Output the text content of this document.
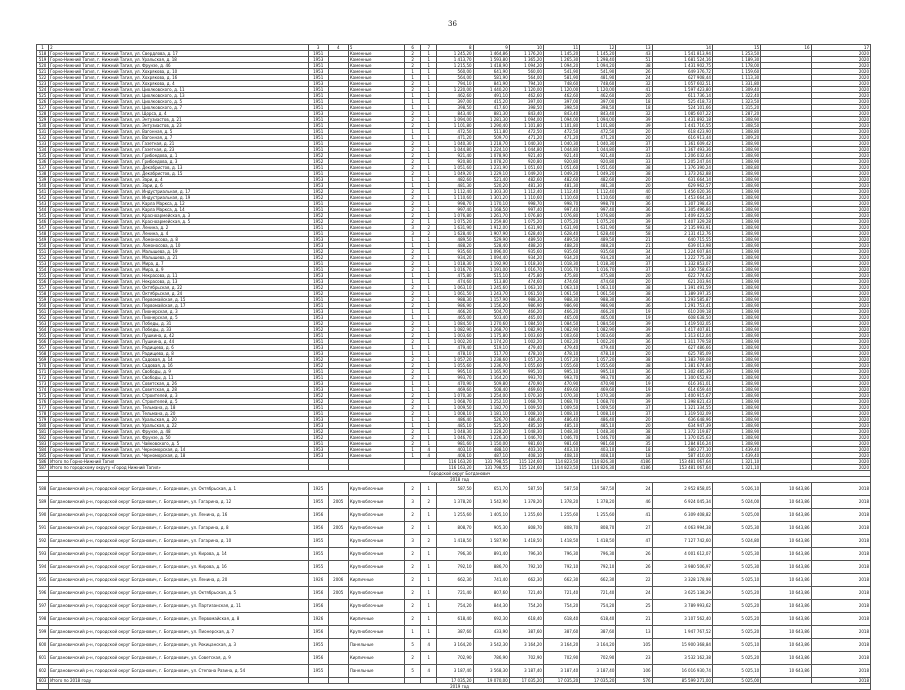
36
1	2	3	4	5	6	7	8	9	10	11	12	13	14	15	16	17
518	Горно-Нижний Тагил, г. Нижний Тагил, ул. Свердлова, д. 17	1951		Каменные	2	1	1 245,20	1 464,86	1 176,20	1 145,20	1 145,20	43	1 541 813,94	1 253,50		2020
519	Горно-Нижний Тагил, г. Нижний Тагил, ул. Уральская, д. 18	1953		Каменные	2	1	1 413,70	1 593,80	1 365,20	1 265,30	1 298,40	51	1 681 524,16	1 189,30		2020
520	Горно-Нижний Тагил, г. Нижний Тагил, ул. Фрунзе, д. 46	1951		Каменные	2	1	1 215,50	1 418,90	1 094,20	1 094,20	1 094,20	38	1 431 902,75	1 178,00		2020
521	Горно-Нижний Тагил, г. Нижний Тагил, ул. Хохрякова, д. 10	1953		Каменные	1	1	560,00	641,90	560,00	541,90	541,90	26	649 376,72	1 159,60		2020
522	Горно-Нижний Тагил, г. Нижний Тагил, ул. Хохрякова, д. 16	1951		Каменные	1	1	564,00	581,90	564,00	581,90	481,90	24	627 908,44	1 113,30		2020
523	Горно-Нижний Тагил, г. Нижний Тагил, ул. Хохрякова, д. 4	1953		Каменные	2	1	794,10	841,90	794,10	748,60	748,60	32	1 057 602,51	1 331,80		2020
524	Горно-Нижний Тагил, г. Нижний Тагил, ул. Циолковского, д. 11	1951		Каменные	2	1	1 220,00	1 440,20	1 120,00	1 120,00	1 120,00	41	1 597 423,80	1 309,40		2020
525	Горно-Нижний Тагил, г. Нижний Тагил, ул. Циолковского, д. 13	1951		Каменные	1	1	462,60	491,10	462,60	462,60	462,60	20	611 736,14	1 322,40		2020
526	Горно-Нижний Тагил, г. Нижний Тагил, ул. Циолковского, д. 5	1951		Каменные	1	1	397,00	415,20	397,00	397,00	397,00	18	525 418,73	1 323,50		2020
527	Горно-Нижний Тагил, г. Нижний Тагил, ул. Циолковского, д. 7	1951		Каменные	1	1	398,50	417,60	398,50	398,50	398,50	18	524 101,66	1 315,20		2020
528	Горно-Нижний Тагил, г. Нижний Тагил, ул. Щорса, д. 4	1953		Каменные	2	1	843,40	881,30	843,40	843,40	843,40	32	1 085 607,22	1 287,20		2020
529	Горно-Нижний Тагил, г. Нижний Тагил, ул. Энтузиастов, д. 21	1951		Каменные	2	1	1 094,00	1 281,30	1 094,00	1 094,00	1 094,00	39	1 431 892,18	1 308,90		2020
530	Горно-Нижний Тагил, г. Нижний Тагил, ул. Энтузиастов, д. 23	1951		Каменные	2	1	1 101,80	1 290,40	1 101,80	1 101,80	1 101,80	39	1 441 716,55	1 308,50		2020
531	Горно-Нижний Тагил, г. Нижний Тагил, ул. Вагонная, д. 5	1951		Каменные	1	1	472,50	511,80	472,50	472,50	472,50	20	618 423,90	1 308,80		2020
532	Горно-Нижний Тагил, г. Нижний Тагил, ул. Вагонная, д. 7	1951		Каменные	1	1	471,20	509,70	471,20	471,20	471,20	20	616 913,44	1 309,20		2020
533	Горно-Нижний Тагил, г. Нижний Тагил, ул. Газетная, д. 21	1951		Каменные	2	1	1 040,30	1 218,70	1 040,30	1 040,30	1 040,30	37	1 361 609,42	1 308,90		2020
534	Горно-Нижний Тагил, г. Нижний Тагил, ул. Газетная, д. 23	1951		Каменные	2	1	1 044,80	1 224,10	1 044,80	1 044,80	1 044,80	37	1 367 493,36	1 308,90		2020
535	Горно-Нижний Тагил, г. Нижний Тагил, ул. Грибоедова, д. 1	1952		Каменные	2	1	921,40	1 078,90	921,40	921,40	921,40	33	1 206 032,64	1 308,90		2020
536	Горно-Нижний Тагил, г. Нижний Тагил, ул. Грибоедова, д. 3	1952		Каменные	2	1	920,80	1 078,20	920,80	920,80	920,80	33	1 205 247,04	1 308,90		2020
537	Горно-Нижний Тагил, г. Нижний Тагил, ул. Декабристов, д. 13	1951		Каменные	2	1	1 051,60	1 231,90	1 051,60	1 051,60	1 051,60	38	1 376 390,24	1 308,80		2020
538	Горно-Нижний Тагил, г. Нижний Тагил, ул. Декабристов, д. 15	1951		Каменные	2	1	1 049,20	1 229,10	1 049,20	1 049,20	1 049,20	38	1 373 262,88	1 308,90		2020
539	Горно-Нижний Тагил, г. Нижний Тагил, ул. Зари, д. 4	1953		Каменные	1	1	482,60	521,40	482,60	482,60	482,60	20	631 664,14	1 308,90		2020
540	Горно-Нижний Тагил, г. Нижний Тагил, ул. Зари, д. 6	1953		Каменные	1	1	481,30	520,20	481,30	481,30	481,30	20	629 962,57	1 308,90		2020
541	Горно-Нижний Тагил, г. Нижний Тагил, ул. Индустриальная, д. 17	1952		Каменные	2	1	1 112,40	1 303,30	1 112,40	1 112,40	1 112,40	40	1 456 020,36	1 308,90		2020
542	Горно-Нижний Тагил, г. Нижний Тагил, ул. Индустриальная, д. 19	1952		Каменные	2	1	1 110,60	1 301,20	1 110,60	1 110,60	1 110,60	40	1 453 664,34	1 308,90		2020
543	Горно-Нижний Тагил, г. Нижний Тагил, ул. Карла Маркса, д. 12	1951		Каменные	2	1	998,70	1 170,10	998,70	998,70	998,70	36	1 307 198,43	1 308,90		2020
544	Горно-Нижний Тагил, г. Нижний Тагил, ул. Карла Маркса, д. 14	1951		Каменные	2	1	997,40	1 168,50	997,40	997,40	997,40	36	1 305 496,86	1 308,90		2020
545	Горно-Нижний Тагил, г. Нижний Тагил, ул. Красноармейская, д. 3	1952		Каменные	2	1	1 076,80	1 261,70	1 076,80	1 076,80	1 076,80	39	1 409 423,52	1 308,90		2020
546	Горно-Нижний Тагил, г. Нижний Тагил, ул. Красноармейская, д. 5	1952		Каменные	2	1	1 075,20	1 259,80	1 075,20	1 075,20	1 075,20	39	1 407 329,28	1 308,90		2020
547	Горно-Нижний Тагил, г. Нижний Тагил, ул. Ленина, д. 2	1951		Каменные	3	2	1 631,90	1 912,00	1 631,90	1 631,90	1 631,90	58	2 135 993,91	1 308,90		2020
548	Горно-Нижний Тагил, г. Нижний Тагил, ул. Ленина, д. 4	1951		Каменные	3	2	1 628,40	1 907,90	1 628,40	1 628,40	1 628,40	58	2 131 412,76	1 308,90		2020
549	Горно-Нижний Тагил, г. Нижний Тагил, ул. Ломоносова, д. 8	1953		Каменные	1	1	489,50	529,90	489,50	489,50	489,50	21	640 715,55	1 308,90		2020
550	Горно-Нижний Тагил, г. Нижний Тагил, ул. Ломоносова, д. 10	1953		Каменные	1	1	488,20	528,40	488,20	488,20	488,20	21	639 013,98	1 308,90		2020
551	Горно-Нижний Тагил, г. Нижний Тагил, ул. Малышева, д. 19	1952		Каменные	2	1	935,60	1 096,00	935,60	935,60	935,60	34	1 224 607,84	1 308,90		2020
552	Горно-Нижний Тагил, г. Нижний Тагил, ул. Малышева, д. 21	1952		Каменные	2	1	934,20	1 094,40	934,20	934,20	934,20	34	1 222 775,38	1 308,90		2020
553	Горно-Нижний Тагил, г. Нижний Тагил, ул. Мира, д. 7	1951		Каменные	2	1	1 018,30	1 192,90	1 018,30	1 018,30	1 018,30	37	1 332 853,07	1 308,90		2020
554	Горно-Нижний Тагил, г. Нижний Тагил, ул. Мира, д. 9	1951		Каменные	2	1	1 016,70	1 191,00	1 016,70	1 016,70	1 016,70	37	1 330 758,63	1 308,90		2020
555	Горно-Нижний Тагил, г. Нижний Тагил, ул. Некрасова, д. 11	1953		Каменные	1	1	475,80	515,10	475,80	475,80	475,80	20	622 774,62	1 308,90		2020
556	Горно-Нижний Тагил, г. Нижний Тагил, ул. Некрасова, д. 13	1953		Каменные	1	1	474,60	513,80	474,60	474,60	474,60	20	621 203,94	1 308,90		2020
557	Горно-Нижний Тагил, г. Нижний Тагил, ул. Октябрьская, д. 22	1952		Каменные	2	1	1 063,10	1 245,60	1 063,10	1 063,10	1 063,10	38	1 391 491,59	1 308,90		2020
558	Горно-Нижний Тагил, г. Нижний Тагил, ул. Октябрьская, д. 24	1952		Каменные	2	1	1 061,50	1 243,70	1 061,50	1 061,50	1 061,50	38	1 389 397,35	1 308,90		2020
559	Горно-Нижний Тагил, г. Нижний Тагил, ул. Первомайская, д. 15	1951		Каменные	2	1	988,30	1 157,90	988,30	988,30	988,30	36	1 293 585,87	1 308,90		2020
560	Горно-Нижний Тагил, г. Нижний Тагил, ул. Первомайская, д. 17	1951		Каменные	2	1	986,90	1 156,20	986,90	986,90	986,90	36	1 291 753,41	1 308,90		2020
561	Горно-Нижний Тагил, г. Нижний Тагил, ул. Пионерская, д. 3	1953		Каменные	1	1	466,20	504,70	466,20	466,20	466,20	19	610 209,18	1 308,90		2020
562	Горно-Нижний Тагил, г. Нижний Тагил, ул. Пионерская, д. 5	1953		Каменные	1	1	465,00	503,40	465,00	465,00	465,00	19	608 638,50	1 308,90		2020
563	Горно-Нижний Тагил, г. Нижний Тагил, ул. Победы, д. 31	1952		Каменные	2	1	1 084,50	1 270,60	1 084,50	1 084,50	1 084,50	39	1 419 502,05	1 308,90		2020
564	Горно-Нижний Тагил, г. Нижний Тагил, ул. Победы, д. 33	1952		Каменные	2	1	1 082,90	1 268,70	1 082,90	1 082,90	1 082,90	39	1 417 407,81	1 308,90		2020
565	Горно-Нижний Тагил, г. Нижний Тагил, ул. Пушкина, д. 42	1951		Каменные	2	1	1 003,60	1 175,80	1 003,60	1 003,60	1 003,60	36	1 313 612,04	1 308,90		2020
566	Горно-Нижний Тагил, г. Нижний Тагил, ул. Пушкина, д. 44	1951		Каменные	2	1	1 002,20	1 174,20	1 002,20	1 002,20	1 002,20	36	1 311 779,58	1 308,90		2020
567	Горно-Нижний Тагил, г. Нижний Тагил, ул. Радищева, д. 6	1953		Каменные	1	1	479,40	519,10	479,40	479,40	479,40	20	627 486,66	1 308,90		2020
568	Горно-Нижний Тагил, г. Нижний Тагил, ул. Радищева, д. 8	1953		Каменные	1	1	478,10	517,70	478,10	478,10	478,10	20	625 785,09	1 308,90		2020
569	Горно-Нижний Тагил, г. Нижний Тагил, ул. Садовая, д. 14	1952		Каменные	2	1	1 057,20	1 238,60	1 057,20	1 057,20	1 057,20	38	1 383 769,08	1 308,90		2020
570	Горно-Нижний Тагил, г. Нижний Тагил, ул. Садовая, д. 16	1952		Каменные	2	1	1 055,60	1 236,70	1 055,60	1 055,60	1 055,60	38	1 381 674,84	1 308,90		2020
571	Горно-Нижний Тагил, г. Нижний Тагил, ул. Свободы, д. 9	1951		Каменные	2	1	995,10	1 165,90	995,10	995,10	995,10	36	1 302 485,39	1 308,90		2020
572	Горно-Нижний Тагил, г. Нижний Тагил, ул. Свободы, д. 11	1951		Каменные	2	1	993,70	1 164,20	993,70	993,70	993,70	36	1 300 652,93	1 308,90		2020
573	Горно-Нижний Тагил, г. Нижний Тагил, ул. Советская, д. 26	1953		Каменные	1	1	470,90	509,80	470,90	470,90	470,90	19	616 361,01	1 308,90		2020
574	Горно-Нижний Тагил, г. Нижний Тагил, ул. Советская, д. 28	1953		Каменные	1	1	469,60	508,40	469,60	469,60	469,60	19	614 659,44	1 308,90		2020
575	Горно-Нижний Тагил, г. Нижний Тагил, ул. Строителей, д. 3	1952		Каменные	2	1	1 070,30	1 254,00	1 070,30	1 070,30	1 070,30	39	1 400 915,67	1 308,90		2020
576	Горно-Нижний Тагил, г. Нижний Тагил, ул. Строителей, д. 5	1952		Каменные	2	1	1 068,70	1 252,10	1 068,70	1 068,70	1 068,70	39	1 398 821,43	1 308,90		2020
577	Горно-Нижний Тагил, г. Нижний Тагил, ул. Тельмана, д. 18	1951		Каменные	2	1	1 009,50	1 182,70	1 009,50	1 009,50	1 009,50	37	1 321 334,55	1 308,90		2020
578	Горно-Нижний Тагил, г. Нижний Тагил, ул. Тельмана, д. 20	1951		Каменные	2	1	1 008,10	1 181,10	1 008,10	1 008,10	1 008,10	37	1 319 502,09	1 308,90		2020
579	Горно-Нижний Тагил, г. Нижний Тагил, ул. Уральская, д. 20	1953		Каменные	1	1	486,40	526,70	486,40	486,40	486,40	20	636 648,96	1 308,90		2020
580	Горно-Нижний Тагил, г. Нижний Тагил, ул. Уральская, д. 22	1953		Каменные	1	1	485,10	525,20	485,10	485,10	485,10	20	634 947,39	1 308,90		2020
581	Горно-Нижний Тагил, г. Нижний Тагил, ул. Фрунзе, д. 48	1952		Каменные	2	1	1 048,30	1 228,20	1 048,30	1 048,30	1 048,30	38	1 372 119,87	1 308,90		2020
582	Горно-Нижний Тагил, г. Нижний Тагил, ул. Фрунзе, д. 50	1952		Каменные	2	1	1 046,70	1 226,30	1 046,70	1 046,70	1 046,70	38	1 370 025,63	1 308,90		2020
583	Горно-Нижний Тагил, г. Нижний Тагил, ул. Чайковского, д. 5	1951		Каменные	2	1	981,60	1 150,00	981,60	981,60	981,60	35	1 284 816,24	1 308,90		2020
584	Горно-Нижний Тагил, г. Нижний Тагил, ул. Черноморская, д. 14	1953		Каменные	1	4	403,10	488,10	403,10	403,10	403,10	18	580 277,10	1 439,40		2020
585	Горно-Нижний Тагил, г. Нижний Тагил, ул. Черноморская, д. 18	1953		Каменные	1	4	408,10	487,10	408,10	408,10	408,10	18	587 410,00	1 439,40		2020
586	Итого по Горно-Нижний Тагил						116 163,20	131 798,55	115 124,60	114 823,50	114 826,30	4186	153 481 067,64	1 321,10		2020
587	Итого по городскому округу «Город Нижний Тагил»						116 163,20	131 798,55	115 124,60	114 823,50	114 826,30	4186	153 481 067,64	1 321,10		2020
	Городской округ Богданович															
	2018 год															
588	Богдановичский р-н, городской округ Богданович, г. Богданович, ул. Октябрьская, д. 1	1925		Крупноблочные	2	1	587,50	651,70	587,50	587,50	587,50	24	2 952 858,05	5 026,10	10 643,86	2018
589	Богдановичский р-н, городской округ Богданович, г. Богданович, ул. Гагарина, д. 12	1955	2005	Крупноблочные	3	2	1 378,20	1 542,90	1 378,20	1 378,20	1 378,20	46	6 924 045,34	5 024,00	10 643,86	2018
590	Богдановичский р-н, городской округ Богданович, г. Богданович, ул. Ленина, д. 16	1956		Крупноблочные	2	1	1 255,60	1 405,10	1 255,60	1 255,60	1 255,60	41	6 309 408,82	5 025,00	10 643,86	2018
591	Богдановичский р-н, городской округ Богданович, г. Богданович, ул. Гагарина, д. 8	1956	2005	Крупноблочные	2	1	808,70	905,30	808,70	808,70	808,70	27	4 063 994,38	5 025,30	10 643,86	2018
592	Богдановичский р-н, городской округ Богданович, г. Богданович, ул. Гагарина, д. 10	1955		Крупноблочные	3	2	1 418,50	1 587,90	1 418,50	1 418,50	1 418,50	47	7 127 742,60	5 024,80	10 643,86	2018
593	Богдановичский р-н, городской округ Богданович, г. Богданович, ул. Кирова, д. 14	1955		Крупноблочные	2	1	796,30	891,40	796,30	796,30	796,30	26	4 001 612,07	5 025,30	10 643,86	2018
594	Богдановичский р-н, городской округ Богданович, г. Богданович, ул. Кирова, д. 16	1955		Крупноблочные	2	1	792,10	886,70	792,10	792,10	792,10	26	3 980 506,97	5 025,30	10 643,86	2018
595	Богдановичский р-н, городской округ Богданович, г. Богданович, ул. Ленина, д. 20	1926	2006	Кирпичные	2	1	662,30	741,40	662,30	662,30	662,30	22	3 328 178,98	5 025,10	10 643,86	2018
596	Богдановичский р-н, городской округ Богданович, г. Богданович, ул. Октябрьская, д. 5	1956	2005	Крупноблочные	2	1	721,40	807,60	721,40	721,40	721,40	24	3 625 138,29	5 025,20	10 643,86	2018
597	Богдановичский р-н, городской округ Богданович, г. Богданович, ул. Партизанская, д. 11	1956		Крупноблочные	2	1	754,20	844,30	754,20	754,20	754,20	25	3 789 993,62	5 025,20	10 643,86	2018
598	Богдановичский р-н, городской округ Богданович, г. Богданович, ул. Первомайская, д. 8	1926		Кирпичные	2	1	618,40	692,30	618,40	618,40	618,40	21	3 107 562,40	5 025,20	10 643,86	2018
599	Богдановичский р-н, городской округ Богданович, г. Богданович, ул. Пионерская, д. 7	1956		Крупноблочные	1	1	387,60	433,90	387,60	387,60	387,60	13	1 947 767,52	5 025,20	10 643,86	2018
600	Богдановичский р-н, городской округ Богданович, г. Богданович, ул. Рокицанская, д. 3	1955		Панельные	5	4	3 164,20	3 542,30	3 164,20	3 164,20	3 164,20	105	15 900 368,84	5 025,10	10 643,86	2018
601	Богдановичский р-н, городской округ Богданович, г. Богданович, ул. Советская, д. 9	1956		Кирпичные	2	1	702,90	786,90	702,90	702,90	702,90	23	3 532 162,38	5 025,20	10 643,86	2018
602	Богдановичский р-н, городской округ Богданович, г. Богданович, ул. Степана Разина, д. 54	1955		Панельные	5	4	3 187,40	3 568,30	3 187,40	3 187,40	3 187,40	106	16 016 930,74	5 025,10	10 643,86	2018
603	Итого по 2018 году						17 035,20	19 070,00	17 035,20	17 035,20	17 035,20	576	85 599 271,00	5 025,00		2018
	2019 год															
